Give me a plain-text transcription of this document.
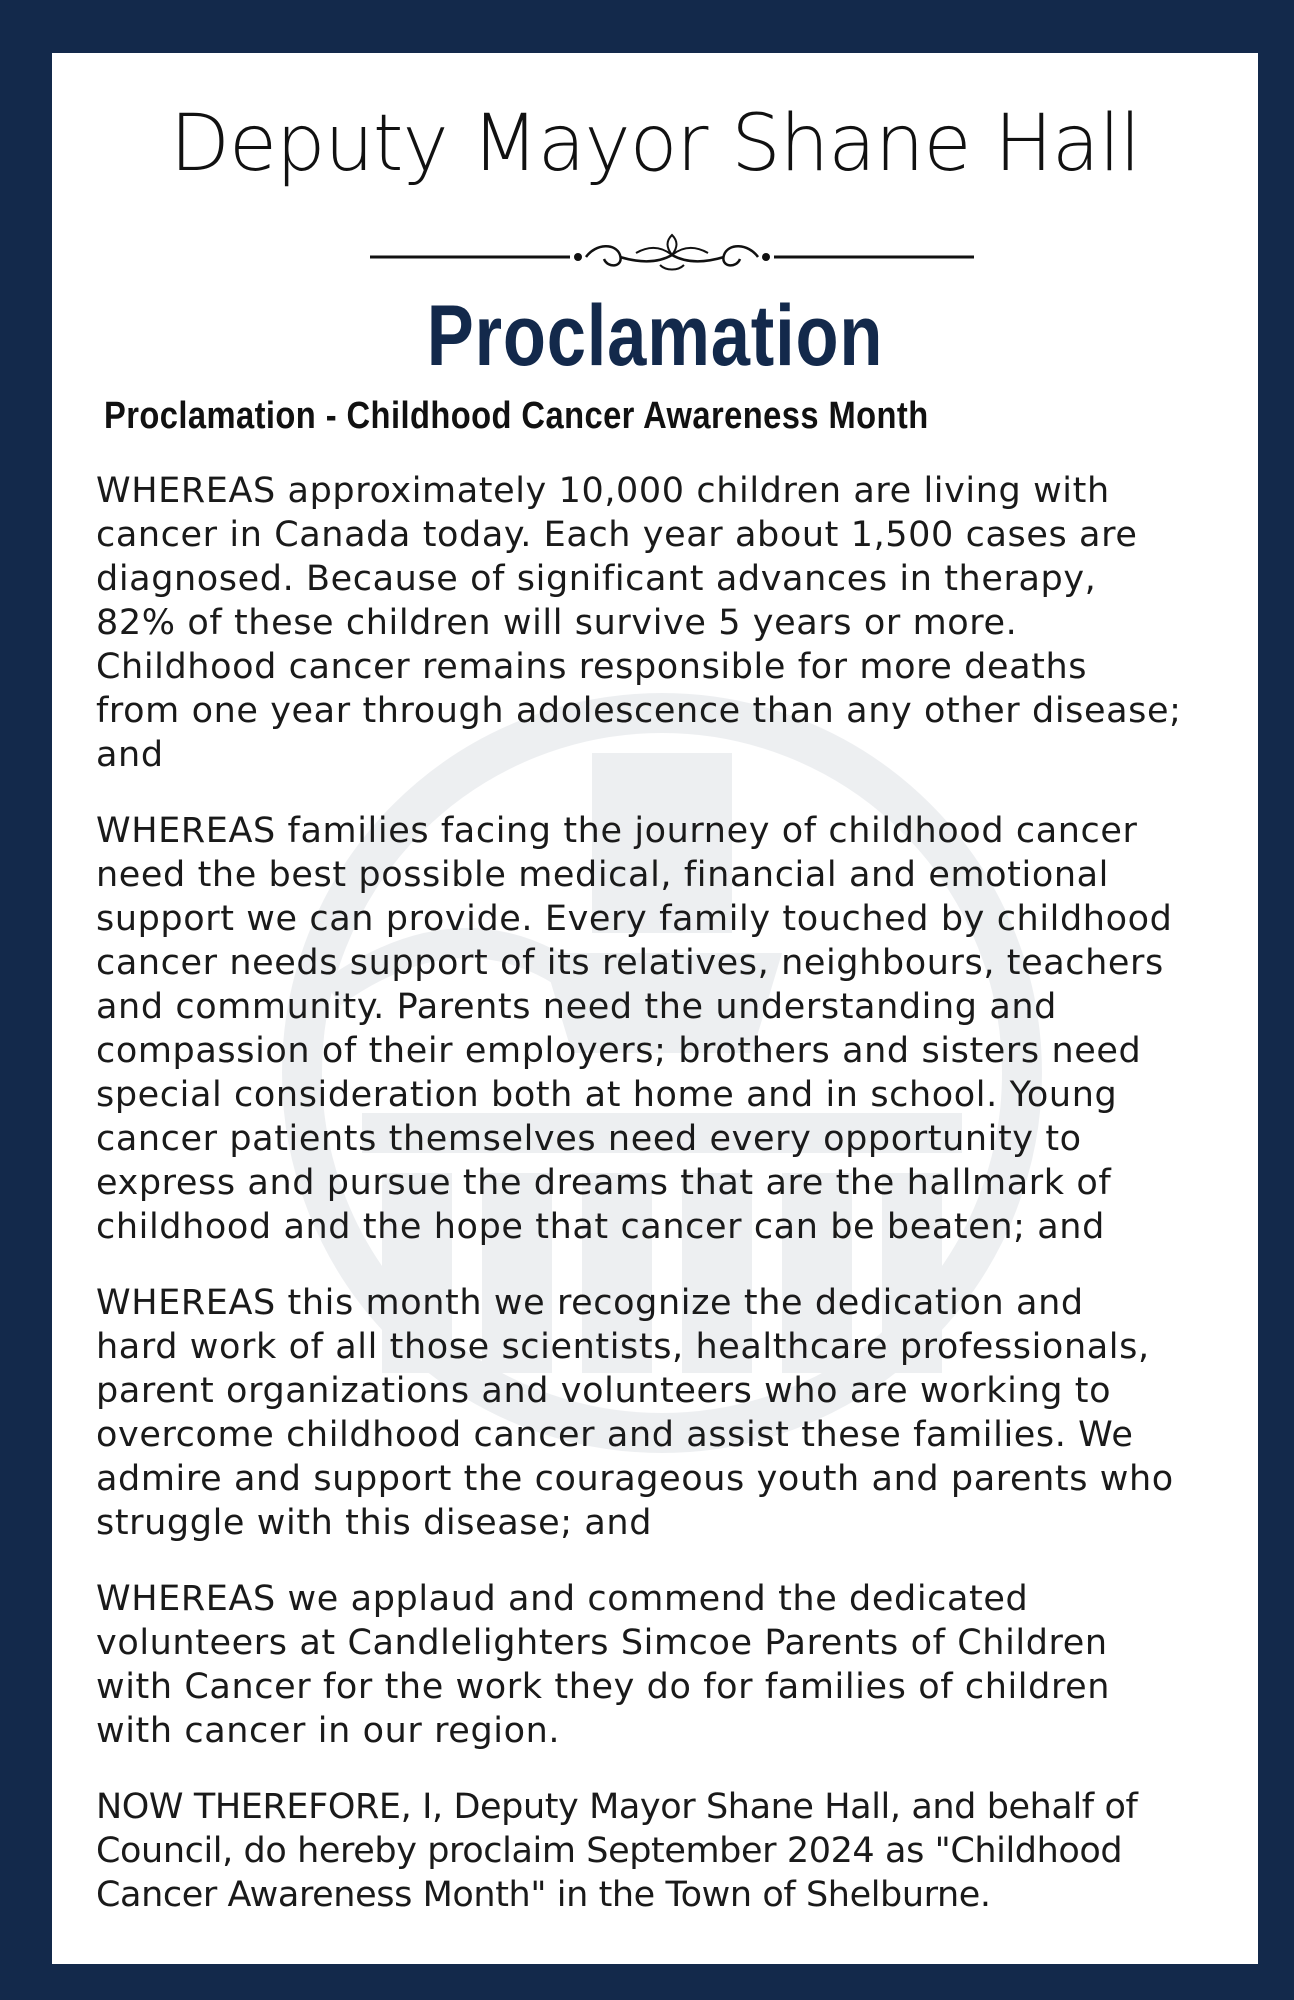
Deputy Mayor Shane Hall
Proclamation
Proclamation - Childhood Cancer Awareness Month

WHEREAS approximately 10,000 children are living with
cancer in Canada today. Each year about 1,500 cases are
diagnosed. Because of significant advances in therapy,
82% of these children will survive 5 years or more.
Childhood cancer remains responsible for more deaths
from one year through adolescence than any other disease;
and

WHEREAS families facing the journey of childhood cancer
need the best possible medical, financial and emotional
support we can provide. Every family touched by childhood
cancer needs support of its relatives, neighbours, teachers
and community. Parents need the understanding and
compassion of their employers; brothers and sisters need
special consideration both at home and in school. Young
cancer patients themselves need every opportunity to
express and pursue the dreams that are the hallmark of
childhood and the hope that cancer can be beaten; and

WHEREAS this month we recognize the dedication and
hard work of all those scientists, healthcare professionals,
parent organizations and volunteers who are working to
overcome childhood cancer and assist these families. We
admire and support the courageous youth and parents who
struggle with this disease; and

WHEREAS we applaud and commend the dedicated
volunteers at Candlelighters Simcoe Parents of Children
with Cancer for the work they do for families of children
with cancer in our region.

NOW THEREFORE, I, Deputy Mayor Shane Hall, and behalf of
Council, do hereby proclaim September 2024 as "Childhood
Cancer Awareness Month" in the Town of Shelburne.
